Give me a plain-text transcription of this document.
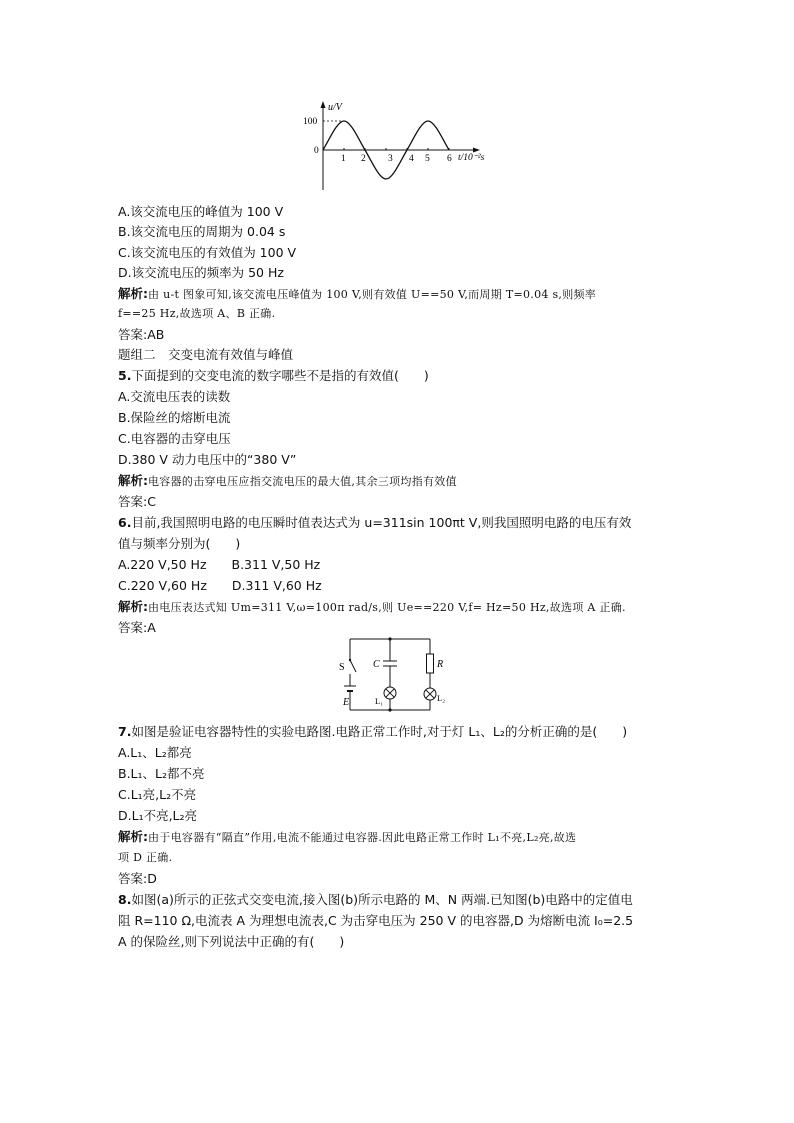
u/V
100
0
1 2 3 4 5 6 t/10⁻²s
A.该交流电压的峰值为 100 V
B.该交流电压的周期为 0.04 s
C.该交流电压的有效值为 100 V
D.该交流电压的频率为 50 Hz
解析:由 u-t 图象可知,该交流电压峰值为 100 V,则有效值 U==50 V,而周期 T=0.04 s,则频率
f==25 Hz,故选项 A、B 正确.
答案:AB
题组二　交变电流有效值与峰值
5.下面提到的交变电流的数字哪些不是指的有效值(　　)
A.交流电压表的读数
B.保险丝的熔断电流
C.电容器的击穿电压
D.380 V 动力电压中的“380 V”
解析:电容器的击穿电压应指交流电压的最大值,其余三项均指有效值
答案:C
6.目前,我国照明电路的电压瞬时值表达式为 u=311sin 100πt V,则我国照明电路的电压有效
值与频率分别为(　　)
A.220 V,50 Hz　　B.311 V,50 Hz
C.220 V,60 Hz　　D.311 V,60 Hz
解析:由电压表达式知 Um=311 V,ω=100π rad/s,则 Ue==220 V,f= Hz=50 Hz,故选项 A 正确.
答案:A
S
E
C	R
L₁	L₂
7.如图是验证电容器特性的实验电路图.电路正常工作时,对于灯 L₁、L₂的分析正确的是(　　)
A.L₁、L₂都亮
B.L₁、L₂都不亮
C.L₁亮,L₂不亮
D.L₁不亮,L₂亮
解析:由于电容器有“隔直”作用,电流不能通过电容器.因此电路正常工作时 L₁不亮,L₂亮,故选
项 D 正确.
答案:D
8.如图(a)所示的正弦式交变电流,接入图(b)所示电路的 M、N 两端.已知图(b)电路中的定值电
阻 R=110 Ω,电流表 A 为理想电流表,C 为击穿电压为 250 V 的电容器,D 为熔断电流 I₀=2.5
A 的保险丝,则下列说法中正确的有(　　)
